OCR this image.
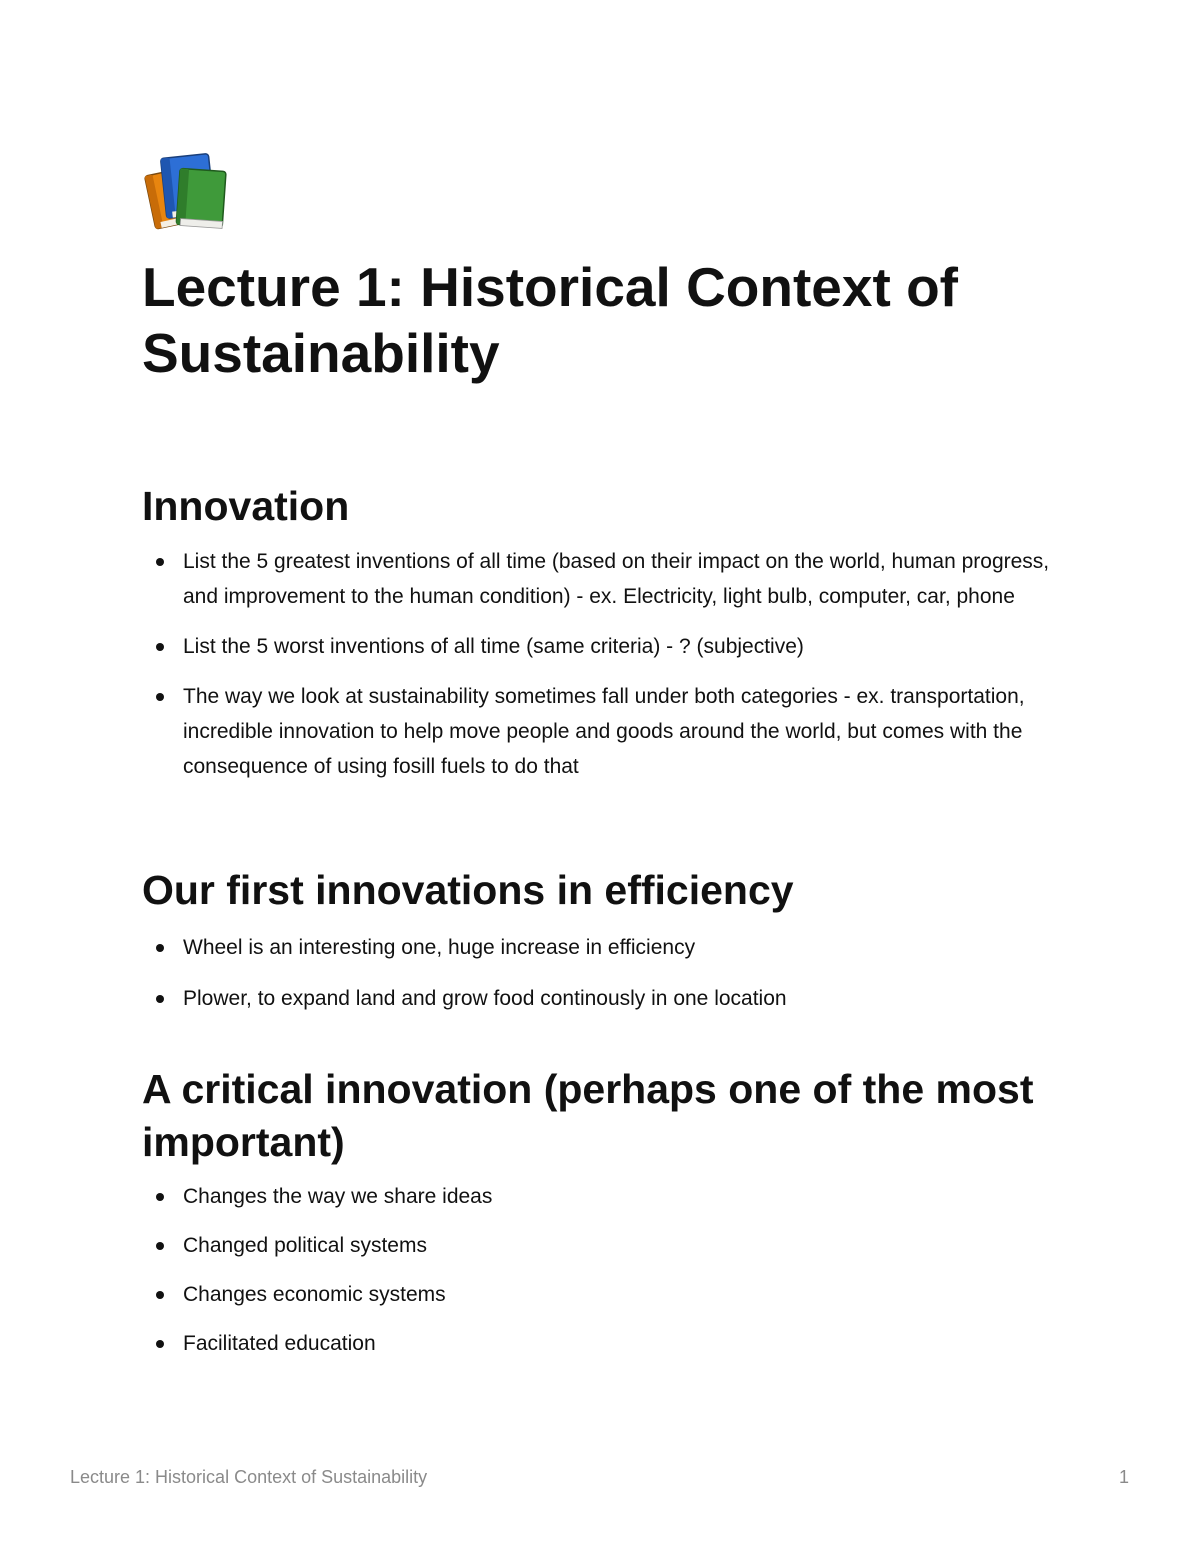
Lecture 1: Historical Context of Sustainability
Innovation
List the 5 greatest inventions of all time (based on their impact on the world, human progress, and improvement to the human condition) - ex. Electricity, light bulb, computer, car, phone
List the 5 worst inventions of all time (same criteria) - ? (subjective)
The way we look at sustainability sometimes fall under both categories - ex. transportation, incredible innovation to help move people and goods around the world, but comes with the consequence of using fosill fuels to do that
Our first innovations in efficiency
Wheel is an interesting one, huge increase in efficiency
Plower, to expand land and grow food continously in one location
A critical innovation (perhaps one of the most important)
Changes the way we share ideas
Changed political systems
Changes economic systems
Facilitated education
Lecture 1: Historical Context of Sustainability	1
